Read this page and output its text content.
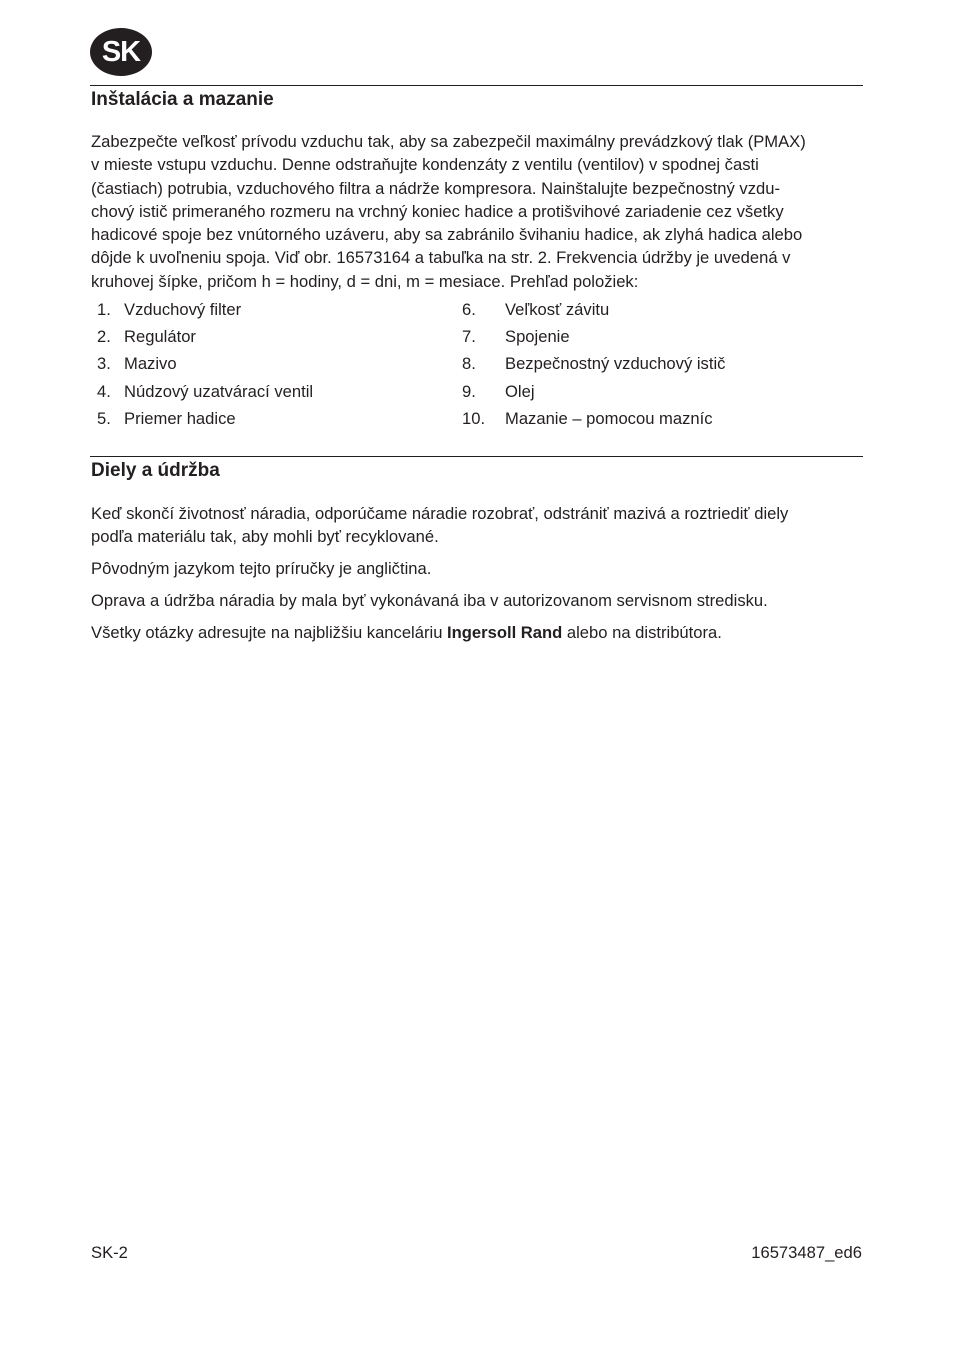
SK
Inštalácia a mazanie

Zabezpečte veľkosť prívodu vzduchu tak, aby sa zabezpečil maximálny prevádzkový tlak (PMAX)
v mieste vstupu vzduchu. Denne odstraňujte kondenzáty z ventilu (ventilov) v spodnej časti
(častiach) potrubia, vzduchového filtra a nádrže kompresora. Nainštalujte bezpečnostný vzdu-
chový istič primeraného rozmeru na vrchný koniec hadice a protišvihové zariadenie cez všetky
hadicové spoje bez vnútorného uzáveru, aby sa zabránilo švihaniu hadice, ak zlyhá hadica alebo
dôjde k uvoľneniu spoja. Viď obr. 16573164 a tabuľka na str. 2. Frekvencia údržby je uvedená v
kruhovej šípke, pričom h = hodiny, d = dni, m = mesiace. Prehľad položiek:

1. Vzduchový filter
2. Regulátor
3. Mazivo
4. Núdzový uzatvárací ventil
5. Priemer hadice
6. Veľkosť závitu
7. Spojenie
8. Bezpečnostný vzduchový istič
9. Olej
10. Mazanie – pomocou mazníc
Diely a údržba

Keď skončí životnosť náradia, odporúčame náradie rozobrať, odstrániť mazivá a roztriediť diely
podľa materiálu tak, aby mohli byť recyklované.

Pôvodným jazykom tejto príručky je angličtina.

Oprava a údržba náradia by mala byť vykonávaná iba v autorizovanom servisnom stredisku.

Všetky otázky adresujte na najbližšiu kanceláriu Ingersoll Rand alebo na distribútora.

SK-2	16573487_ed6
